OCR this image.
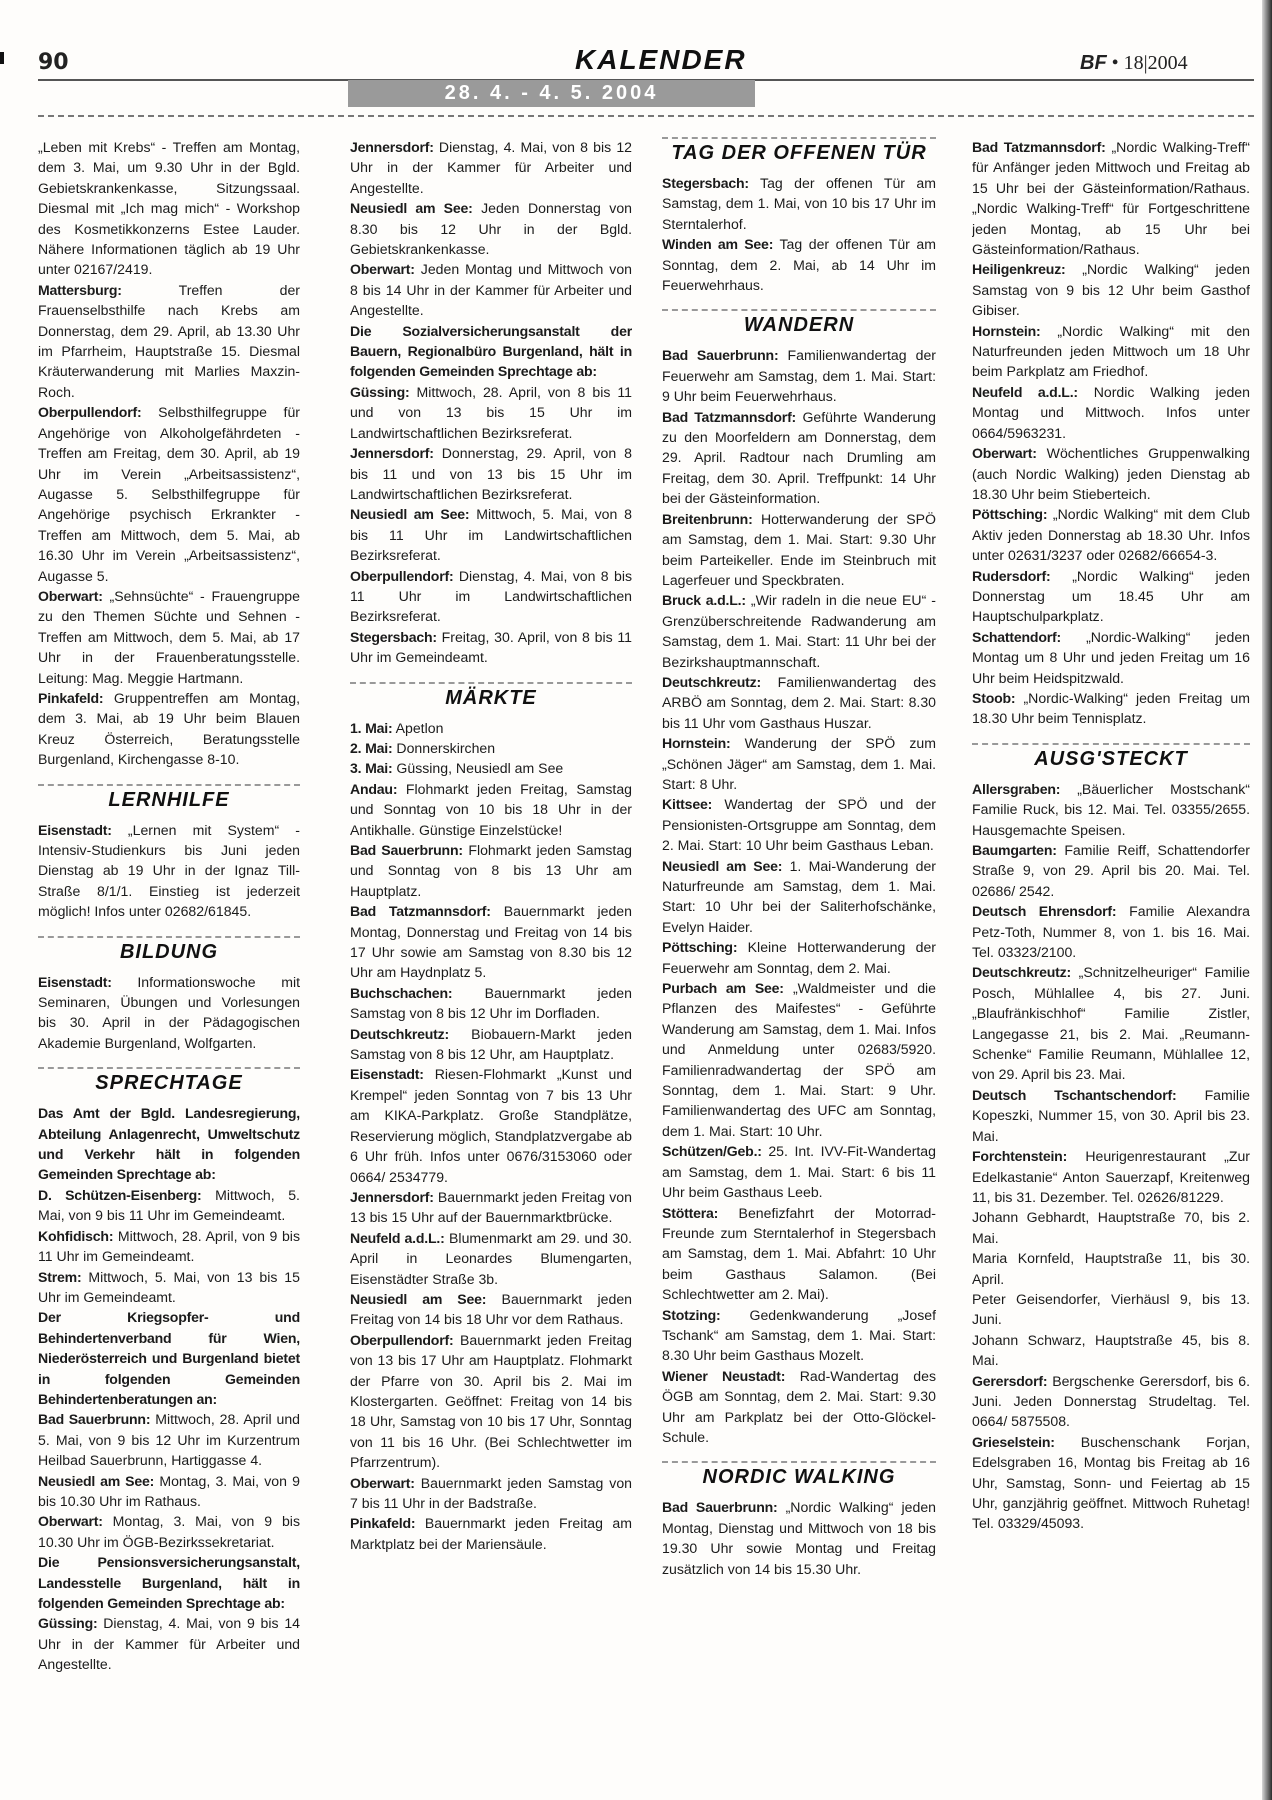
90	KALENDER	BF • 18|2004
28. 4. - 4. 5. 2004

„Leben mit Krebs“ - Treffen am Montag, dem 3. Mai, um 9.30 Uhr in der Bgld. Gebietskrankenkasse, Sitzungssaal. Diesmal mit „Ich mag mich“ - Workshop des Kosmetikkonzerns Estee Lauder. Nähere Informationen täglich ab 19 Uhr unter 02167/2419.

Mattersburg:	Treffen der Frauenselbsthilfe nach Krebs am Donnerstag, dem 29. April, ab 13.30 Uhr im Pfarrheim, Hauptstraße 15. Diesmal Kräuterwanderung mit Marlies Maxzin-Roch.

Oberpullendorf: Selbsthilfegruppe für Angehörige von Alkoholgefährdeten - Treffen am Freitag, dem 30. April, ab 19 Uhr im Verein „Arbeitsassistenz“, Augasse 5. Selbsthilfegruppe für Angehörige psychisch Erkrankter - Treffen am Mittwoch, dem 5. Mai, ab 16.30 Uhr im Verein „Arbeitsassistenz“, Augasse 5.

Oberwart: „Sehnsüchte“ - Frauengruppe zu den Themen Süchte und Sehnen - Treffen am Mittwoch, dem 5. Mai, ab 17 Uhr in der Frauenberatungsstelle. Leitung: Mag. Meggie Hartmann.

Pinkafeld: Gruppentreffen am Montag, dem 3. Mai, ab 19 Uhr beim Blauen Kreuz Österreich, Beratungsstelle Burgenland, Kirchengasse 8-10.

LERNHILFE

Eisenstadt: „Lernen mit System“ - Intensiv-Studienkurs bis Juni jeden Dienstag ab 19 Uhr in der Ignaz Till-Straße 8/1/1. Einstieg ist jederzeit möglich! Infos unter 02682/61845.

BILDUNG

Eisenstadt: Informationswoche mit Seminaren, Übungen und Vorlesungen bis 30. April in der Pädagogischen Akademie Burgenland, Wolfgarten.

SPRECHTAGE

Das Amt der Bgld. Landesregierung, Abteilung Anlagenrecht, Umweltschutz und Verkehr hält in folgenden Gemeinden Sprechtage ab:

D. Schützen-Eisenberg: Mittwoch, 5. Mai, von 9 bis 11 Uhr im Gemeindeamt.

Kohfidisch: Mittwoch, 28. April, von 9 bis 11 Uhr im Gemeindeamt.

Strem: Mittwoch, 5. Mai, von 13 bis 15 Uhr im Gemeindeamt.

Der Kriegsopfer- und Behindertenverband für Wien, Niederösterreich und Burgenland bietet in folgenden Gemeinden Behindertenberatungen an:

Bad Sauerbrunn: Mittwoch, 28. April und 5. Mai, von 9 bis 12 Uhr im Kurzentrum Heilbad Sauerbrunn, Hartiggasse 4.

Neusiedl am See: Montag, 3. Mai, von 9 bis 10.30 Uhr im Rathaus.

Oberwart: Montag, 3. Mai, von 9 bis 10.30 Uhr im ÖGB-Bezirkssekretariat.

Die Pensionsversicherungsanstalt, Landesstelle Burgenland, hält in folgenden Gemeinden Sprechtage ab:

Güssing: Dienstag, 4. Mai, von 9 bis 14 Uhr in der Kammer für Arbeiter und Angestellte.

Jennersdorf: Dienstag, 4. Mai, von 8 bis 12 Uhr in der Kammer für Arbeiter und Angestellte.

Neusiedl am See: Jeden Donnerstag von 8.30 bis 12 Uhr in der Bgld. Gebietskrankenkasse.

Oberwart: Jeden Montag und Mittwoch von 8 bis 14 Uhr in der Kammer für Arbeiter und Angestellte.

Die Sozialversicherungsanstalt der Bauern, Regionalbüro Burgenland, hält in folgenden Gemeinden Sprechtage ab:

Güssing: Mittwoch, 28. April, von 8 bis 11 und von 13 bis 15 Uhr im Landwirtschaftlichen Bezirksreferat.

Jennersdorf: Donnerstag, 29. April, von 8 bis 11 und von 13 bis 15 Uhr im Landwirtschaftlichen Bezirksreferat.

Neusiedl am See: Mittwoch, 5. Mai, von 8 bis 11 Uhr im Landwirtschaftlichen Bezirksreferat.

Oberpullendorf: Dienstag, 4. Mai, von 8 bis 11 Uhr im Landwirtschaftlichen Bezirksreferat.

Stegersbach: Freitag, 30. April, von 8 bis 11 Uhr im Gemeindeamt.

MÄRKTE

1. Mai: Apetlon

2. Mai: Donnerskirchen

3. Mai: Güssing, Neusiedl am See

Andau: Flohmarkt jeden Freitag, Samstag und Sonntag von 10 bis 18 Uhr in der Antikhalle. Günstige Einzelstücke!

Bad Sauerbrunn: Flohmarkt jeden Samstag und Sonntag von 8 bis 13 Uhr am Hauptplatz.

Bad Tatzmannsdorf: Bauernmarkt jeden Montag, Donnerstag und Freitag von 14 bis 17 Uhr sowie am Samstag von 8.30 bis 12 Uhr am Haydnplatz 5.

Buchschachen: Bauernmarkt jeden Samstag von 8 bis 12 Uhr im Dorfladen.

Deutschkreutz: Biobauern-Markt jeden Samstag von 8 bis 12 Uhr, am Hauptplatz.

Eisenstadt: Riesen-Flohmarkt „Kunst und Krempel“ jeden Sonntag von 7 bis 13 Uhr am KIKA-Parkplatz. Große Standplätze, Reservierung möglich, Standplatzvergabe ab 6 Uhr früh. Infos unter 0676/3153060 oder 0664/ 2534779.

Jennersdorf: Bauernmarkt jeden Freitag von 13 bis 15 Uhr auf der Bauernmarktbrücke.

Neufeld a.d.L.: Blumenmarkt am 29. und 30. April in Leonardes Blumengarten, Eisenstädter Straße 3b.

Neusiedl am See: Bauernmarkt jeden Freitag von 14 bis 18 Uhr vor dem Rathaus.

Oberpullendorf: Bauernmarkt jeden Freitag von 13 bis 17 Uhr am Hauptplatz. Flohmarkt der Pfarre von 30. April bis 2. Mai im Klostergarten. Geöffnet: Freitag von 14 bis 18 Uhr, Samstag von 10 bis 17 Uhr, Sonntag von 11 bis 16 Uhr. (Bei Schlechtwetter im Pfarrzentrum).

Oberwart: Bauernmarkt jeden Samstag von 7 bis 11 Uhr in der Badstraße.

Pinkafeld: Bauernmarkt jeden Freitag am Marktplatz bei der Mariensäule.

TAG DER OFFENEN TÜR

Stegersbach: Tag der offenen Tür am Samstag, dem 1. Mai, von 10 bis 17 Uhr im Sterntalerhof.

Winden am See: Tag der offenen Tür am Sonntag, dem 2. Mai, ab 14 Uhr im Feuerwehrhaus.

WANDERN

Bad Sauerbrunn: Familienwandertag der Feuerwehr am Samstag, dem 1. Mai. Start: 9 Uhr beim Feuerwehrhaus.

Bad Tatzmannsdorf: Geführte Wanderung zu den Moorfeldern am Donnerstag, dem 29. April. Radtour nach Drumling am Freitag, dem 30. April. Treffpunkt: 14 Uhr bei der Gästeinformation.

Breitenbrunn: Hotterwanderung der SPÖ am Samstag, dem 1. Mai. Start: 9.30 Uhr beim Parteikeller. Ende im Steinbruch mit Lagerfeuer und Speckbraten.

Bruck a.d.L.: „Wir radeln in die neue EU“ - Grenzüberschreitende Radwanderung am Samstag, dem 1. Mai. Start: 11 Uhr bei der Bezirkshauptmannschaft.

Deutschkreutz: Familienwandertag des ARBÖ am Sonntag, dem 2. Mai. Start: 8.30 bis 11 Uhr vom Gasthaus Huszar.

Hornstein: Wanderung der SPÖ zum „Schönen Jäger“ am Samstag, dem 1. Mai. Start: 8 Uhr.

Kittsee: Wandertag der SPÖ und der Pensionisten-Ortsgruppe am Sonntag, dem 2. Mai. Start: 10 Uhr beim Gasthaus Leban.

Neusiedl am See: 1. Mai-Wanderung der Naturfreunde am Samstag, dem 1. Mai. Start: 10 Uhr bei der Saliterhofschänke, Evelyn Haider.

Pöttsching: Kleine Hotterwanderung der Feuerwehr am Sonntag, dem 2. Mai.

Purbach am See: „Waldmeister und die Pflanzen des Maifestes“ - Geführte Wanderung am Samstag, dem 1. Mai. Infos und Anmeldung unter 02683/5920. Familienradwandertag der SPÖ am Sonntag, dem 1. Mai. Start: 9 Uhr. Familienwandertag des UFC am Sonntag, dem 1. Mai. Start: 10 Uhr.

Schützen/Geb.: 25. Int. IVV-Fit-Wandertag am Samstag, dem 1. Mai. Start: 6 bis 11 Uhr beim Gasthaus Leeb.

Stöttera: Benefizfahrt der Motorrad-Freunde zum Sterntalerhof in Stegersbach am Samstag, dem 1. Mai. Abfahrt: 10 Uhr beim Gasthaus Salamon. (Bei Schlechtwetter am 2. Mai).

Stotzing: Gedenkwanderung „Josef Tschank“ am Samstag, dem 1. Mai. Start: 8.30 Uhr beim Gasthaus Mozelt.

Wiener Neustadt: Rad-Wandertag des ÖGB am Sonntag, dem 2. Mai. Start: 9.30 Uhr am Parkplatz bei der Otto-Glöckel-Schule.

NORDIC WALKING

Bad Sauerbrunn: „Nordic Walking“ jeden Montag, Dienstag und Mittwoch von 18 bis 19.30 Uhr sowie Montag und Freitag zusätzlich von 14 bis 15.30 Uhr.

Bad Tatzmannsdorf: „Nordic Walking-Treff“ für Anfänger jeden Mittwoch und Freitag ab 15 Uhr bei der Gästeinformation/Rathaus. „Nordic Walking-Treff“ für Fortgeschrittene jeden Montag, ab 15 Uhr bei Gästeinformation/Rathaus.

Heiligenkreuz: „Nordic Walking“ jeden Samstag von 9 bis 12 Uhr beim Gasthof Gibiser.

Hornstein: „Nordic Walking“ mit den Naturfreunden jeden Mittwoch um 18 Uhr beim Parkplatz am Friedhof.

Neufeld a.d.L.: Nordic Walking jeden Montag und Mittwoch. Infos unter 0664/5963231.

Oberwart: Wöchentliches Gruppenwalking (auch Nordic Walking) jeden Dienstag ab 18.30 Uhr beim Stieberteich.

Pöttsching: „Nordic Walking“ mit dem Club Aktiv jeden Donnerstag ab 18.30 Uhr. Infos unter 02631/3237 oder 02682/66654-3.

Rudersdorf: „Nordic Walking“ jeden Donnerstag um 18.45 Uhr am Hauptschulparkplatz.

Schattendorf: „Nordic-Walking“ jeden Montag um 8 Uhr und jeden Freitag um 16 Uhr beim Heidspitzwald.

Stoob: „Nordic-Walking“ jeden Freitag um 18.30 Uhr beim Tennisplatz.

AUSG'STECKT

Allersgraben: „Bäuerlicher Mostschank“ Familie Ruck, bis 12. Mai. Tel. 03355/2655. Hausgemachte Speisen.

Baumgarten: Familie Reiff, Schattendorfer Straße 9, von 29. April bis 20. Mai. Tel. 02686/ 2542.

Deutsch Ehrensdorf: Familie Alexandra Petz-Toth, Nummer 8, von 1. bis 16. Mai. Tel. 03323/2100.

Deutschkreutz: „Schnitzelheuriger“ Familie Posch, Mühlallee 4, bis 27. Juni. „Blaufränkischhof“ Familie Zistler, Langegasse 21, bis 2. Mai. „Reumann-Schenke“ Familie Reumann, Mühlallee 12, von 29. April bis 23. Mai.

Deutsch Tschantschendorf: Familie Kopeszki, Nummer 15, von 30. April bis 23. Mai.

Forchtenstein: Heurigenrestaurant „Zur Edelkastanie“ Anton Sauerzapf, Kreitenweg 11, bis 31. Dezember. Tel. 02626/81229.

Johann Gebhardt, Hauptstraße 70, bis 2. Mai.

Maria Kornfeld, Hauptstraße 11, bis 30. April.

Peter Geisendorfer, Vierhäusl 9, bis 13. Juni.

Johann Schwarz, Hauptstraße 45, bis 8. Mai.

Gerersdorf: Bergschenke Gerersdorf, bis 6. Juni. Jeden Donnerstag Strudeltag. Tel. 0664/ 5875508.

Grieselstein: Buschenschank Forjan, Edelsgraben 16, Montag bis Freitag ab 16 Uhr, Samstag, Sonn- und Feiertag ab 15 Uhr, ganzjährig geöffnet. Mittwoch Ruhetag! Tel. 03329/45093.
